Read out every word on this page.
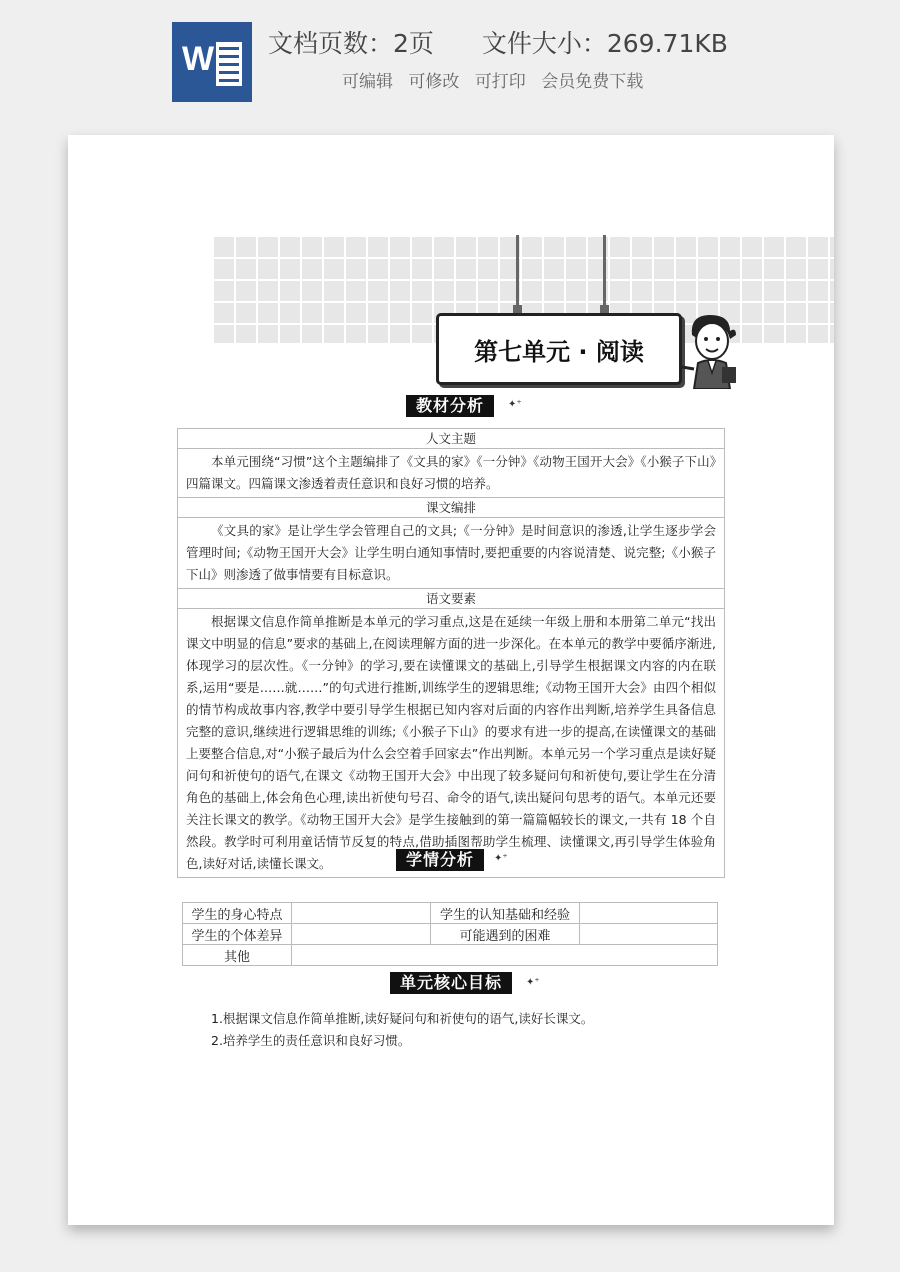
W 文档页数：2页 文件大小：269.71KB
可编辑 可修改 可打印 会员免费下载
第七单元 · 阅读
教材分析	✦⁺
人文主题
本单元围绕“习惯”这个主题编排了《文具的家》《一分钟》《动物王国开大会》《小猴子下山》四篇课文。四篇课文渗透着责任意识和良好习惯的培养。
课文编排
《文具的家》是让学生学会管理自己的文具;《一分钟》是时间意识的渗透,让学生逐步学会管理时间;《动物王国开大会》让学生明白通知事情时,要把重要的内容说清楚、说完整;《小猴子下山》则渗透了做事情要有目标意识。
语文要素
根据课文信息作简单推断是本单元的学习重点,这是在延续一年级上册和本册第二单元“找出课文中明显的信息”要求的基础上,在阅读理解方面的进一步深化。在本单元的教学中要循序渐进,体现学习的层次性。《一分钟》的学习,要在读懂课文的基础上,引导学生根据课文内容的内在联系,运用“要是……就……”的句式进行推断,训练学生的逻辑思维;《动物王国开大会》由四个相似的情节构成故事内容,教学中要引导学生根据已知内容对后面的内容作出判断,培养学生具备信息完整的意识,继续进行逻辑思维的训练;《小猴子下山》的要求有进一步的提高,在读懂课文的基础上要整合信息,对“小猴子最后为什么会空着手回家去”作出判断。本单元另一个学习重点是读好疑问句和祈使句的语气,在课文《动物王国开大会》中出现了较多疑问句和祈使句,要让学生在分清角色的基础上,体会角色心理,读出祈使句号召、命令的语气,读出疑问句思考的语气。本单元还要关注长课文的教学。《动物王国开大会》是学生接触到的第一篇篇幅较长的课文,一共有 18 个自然段。教学时可利用童话情节反复的特点,借助插图帮助学生梳理、读懂课文,再引导学生体验角色,读好对话,读懂长课文。	学情分析	✦⁺
学生的身心特点		学生的认知基础和经验	
学生的个体差异		可能遇到的困难	
其他			
单元核心目标	✦⁺
1.根据课文信息作简单推断,读好疑问句和祈使句的语气,读好长课文。
2.培养学生的责任意识和良好习惯。
